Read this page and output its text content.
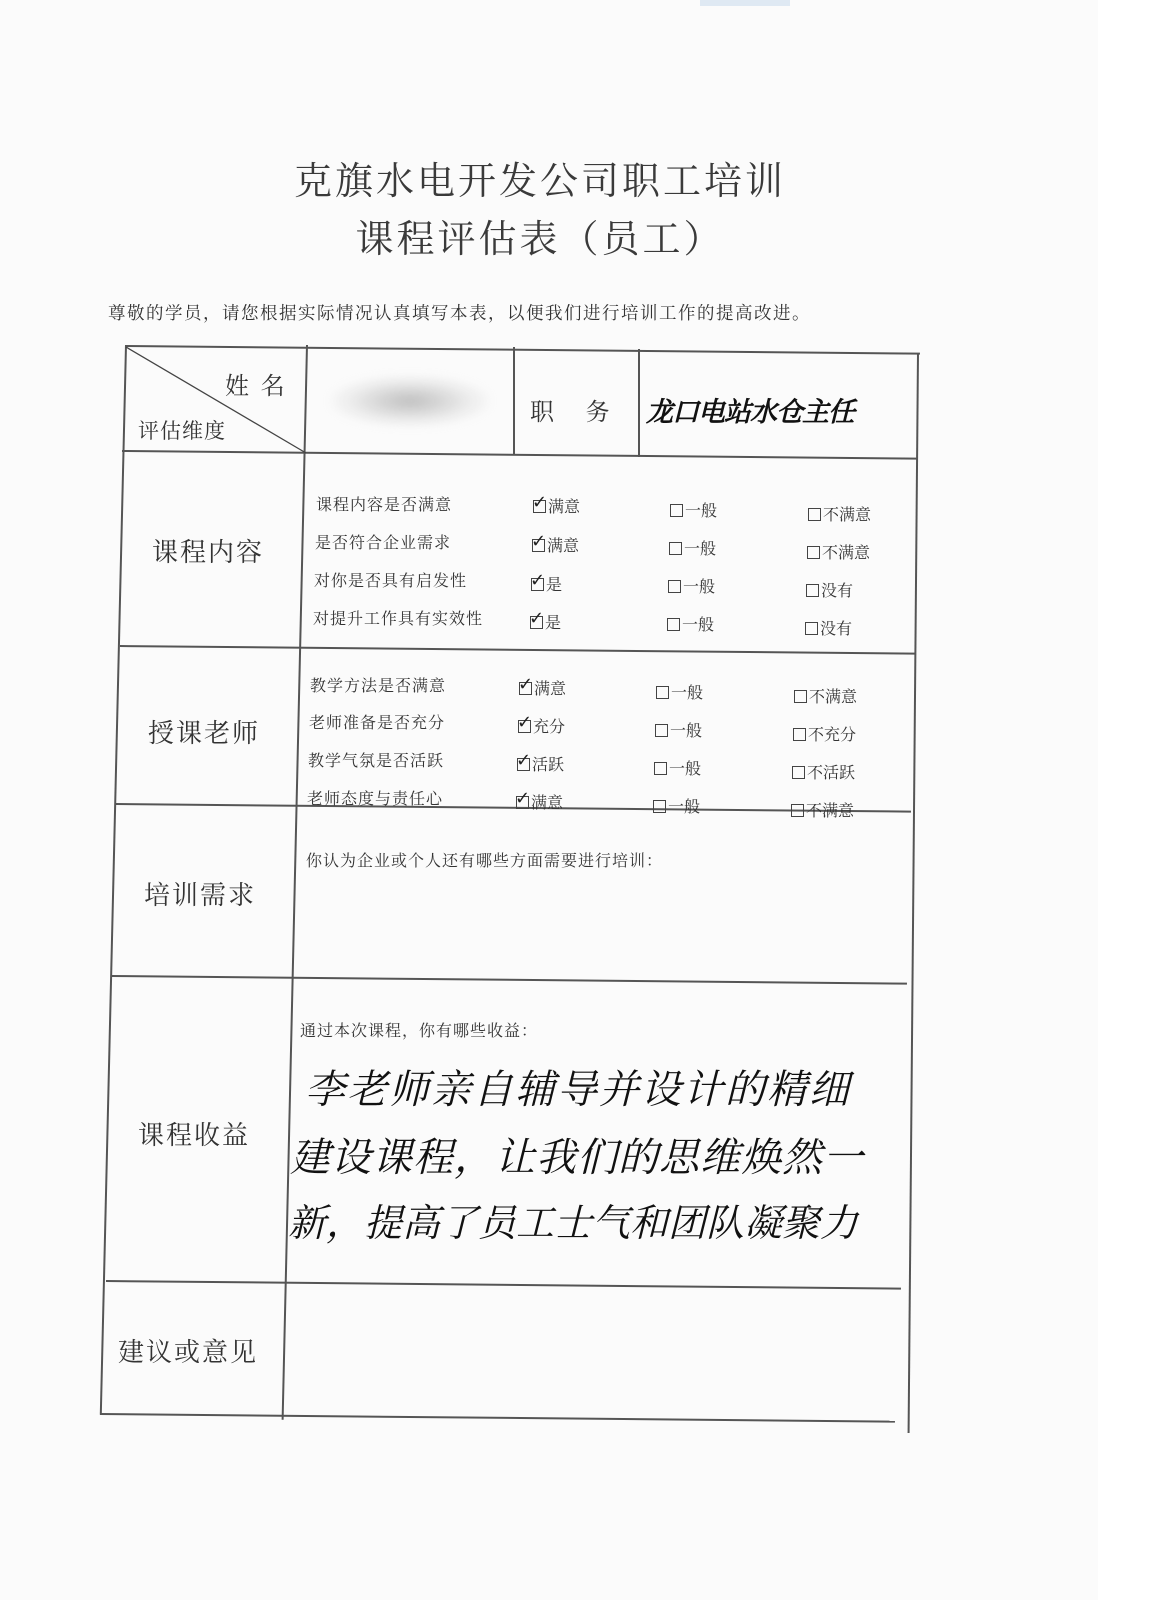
克旗水电开发公司职工培训
课程评估表（员工）
尊敬的学员，请您根据实际情况认真填写本表，以便我们进行培训工作的提高改进。
姓 名
评估维度
职 务 龙口电站水仓主任
课程内容
课程内容是否满意	✓ 满意	一般	不满意
是否符合企业需求	✓ 满意	一般	不满意
对你是否具有启发性	✓ 是	一般	没有
对提升工作具有实效性	✓ 是	一般	没有
授课老师
教学方法是否满意	✓ 满意	一般	不满意
老师准备是否充分	✓ 充分	一般	不充分
教学气氛是否活跃	✓ 活跃	一般	不活跃
老师态度与责任心	✓ 满意	一般	不满意
培训需求
你认为企业或个人还有哪些方面需要进行培训：
课程收益
通过本次课程，你有哪些收益：
李老师亲自辅导并设计的精细
建设课程，让我们的思维焕然一
新，提高了员工士气和团队凝聚力
建议或意见
